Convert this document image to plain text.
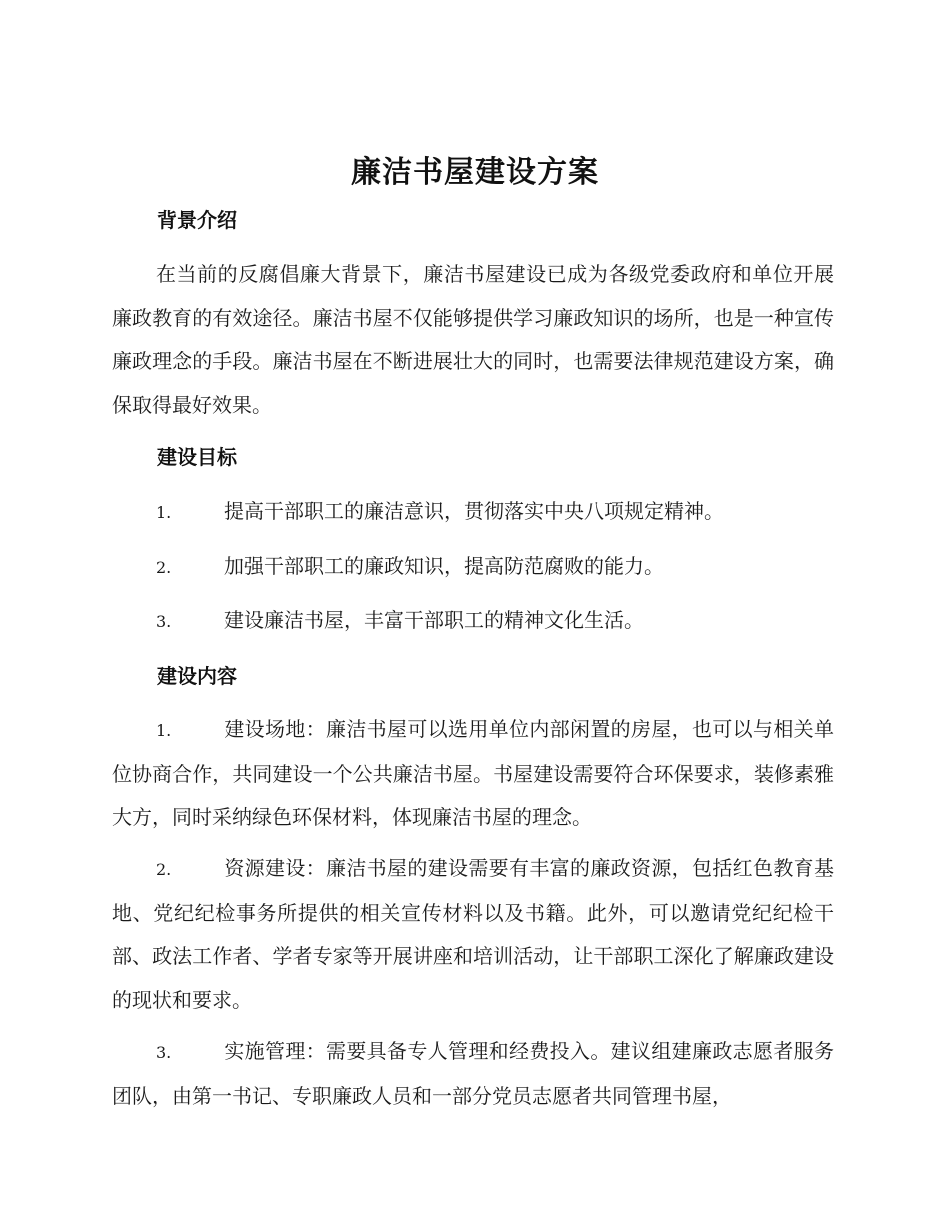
廉洁书屋建设方案
背景介绍
在当前的反腐倡廉大背景下，廉洁书屋建设已成为各级党委政府和单位开展廉政教育的有效途径。廉洁书屋不仅能够提供学习廉政知识的场所，也是一种宣传廉政理念的手段。廉洁书屋在不断进展壮大的同时，也需要法律规范建设方案，确保取得最好效果。
建设目标
1.	提高干部职工的廉洁意识，贯彻落实中央八项规定精神。
2.	加强干部职工的廉政知识，提高防范腐败的能力。
3.	建设廉洁书屋，丰富干部职工的精神文化生活。
建设内容
1.	建设场地：廉洁书屋可以选用单位内部闲置的房屋，也可以与相关单位协商合作，共同建设一个公共廉洁书屋。书屋建设需要符合环保要求，装修素雅大方，同时采纳绿色环保材料，体现廉洁书屋的理念。
2.	资源建设：廉洁书屋的建设需要有丰富的廉政资源，包括红色教育基地、党纪纪检事务所提供的相关宣传材料以及书籍。此外，可以邀请党纪纪检干部、政法工作者、学者专家等开展讲座和培训活动，让干部职工深化了解廉政建设的现状和要求。
3.	实施管理：需要具备专人管理和经费投入。建议组建廉政志愿者服务团队，由第一书记、专职廉政人员和一部分党员志愿者共同管理书屋，
